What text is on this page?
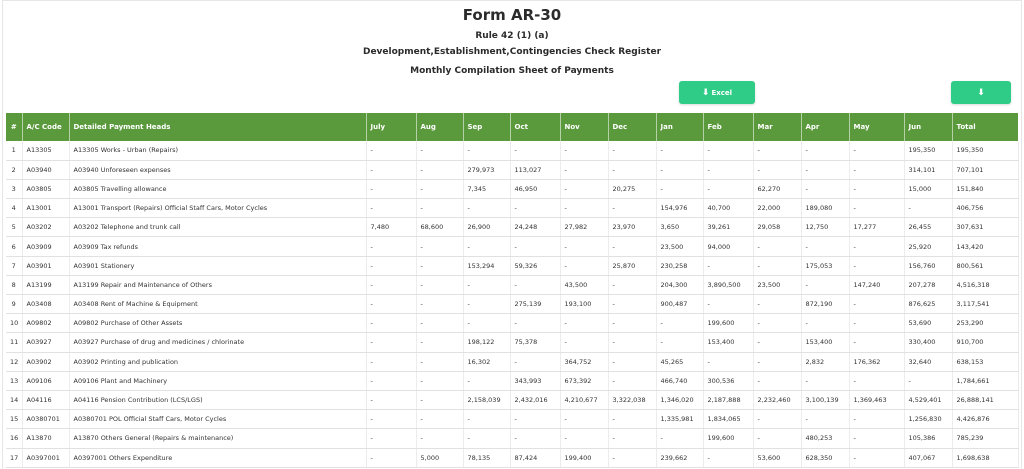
Form AR-30
Rule 42 (1) (a)
Development,Establishment,Contingencies Check Register
Monthly Compilation Sheet of Payments
⬇ Excel	⬇
#	A/C Code	Detailed Payment Heads	July	Aug	Sep	Oct	Nov	Dec	Jan	Feb	Mar	Apr	May	Jun	Total
1	A13305	A13305 Works - Urban (Repairs)	-	-	-	-	-	-	-	-	-	-	-	195,350	195,350
2	A03940	A03940 Unforeseen expenses	-	-	279,973	113,027	-	-	-	-	-	-	-	314,101	707,101
3	A03805	A03805 Travelling allowance	-	-	7,345	46,950	-	20,275	-	-	62,270	-	-	15,000	151,840
4	A13001	A13001 Transport (Repairs) Official Staff Cars, Motor Cycles	-	-	-	-	-	-	154,976	40,700	22,000	189,080	-	-	406,756
5	A03202	A03202 Telephone and trunk call	7,480	68,600	26,900	24,248	27,982	23,970	3,650	39,261	29,058	12,750	17,277	26,455	307,631
6	A03909	A03909 Tax refunds	-	-	-	-	-	-	23,500	94,000	-	-	-	25,920	143,420
7	A03901	A03901 Stationery	-	-	153,294	59,326	-	25,870	230,258	-	-	175,053	-	156,760	800,561
8	A13199	A13199 Repair and Maintenance of Others	-	-	-	-	43,500	-	204,300	3,890,500	23,500	-	147,240	207,278	4,516,318
9	A03408	A03408 Rent of Machine & Equipment	-	-	-	275,139	193,100	-	900,487	-	-	872,190	-	876,625	3,117,541
10	A09802	A09802 Purchase of Other Assets	-	-	-	-	-	-	-	199,600	-	-	-	53,690	253,290
11	A03927	A03927 Purchase of drug and medicines / chlorinate	-	-	198,122	75,378	-	-	-	153,400	-	153,400	-	330,400	910,700
12	A03902	A03902 Printing and publication	-	-	16,302	-	364,752	-	45,265	-	-	2,832	176,362	32,640	638,153
13	A09106	A09106 Plant and Machinery	-	-	-	343,993	673,392	-	466,740	300,536	-	-	-	-	1,784,661
14	A04116	A04116 Pension Contribution (LCS/LGS)	-	-	2,158,039	2,432,016	4,210,677	3,322,038	1,346,020	2,187,888	2,232,460	3,100,139	1,369,463	4,529,401	26,888,141
15	A0380701	A0380701 POL Official Staff Cars, Motor Cycles	-	-	-	-	-	-	1,335,981	1,834,065	-	-	-	1,256,830	4,426,876
16	A13870	A13870 Others General (Repairs & maintenance)	-	-	-	-	-	-	-	199,600	-	480,253	-	105,386	785,239
17	A0397001	A0397001 Others Expenditure	-	5,000	78,135	87,424	199,400	-	239,662	-	53,600	628,350	-	407,067	1,698,638
